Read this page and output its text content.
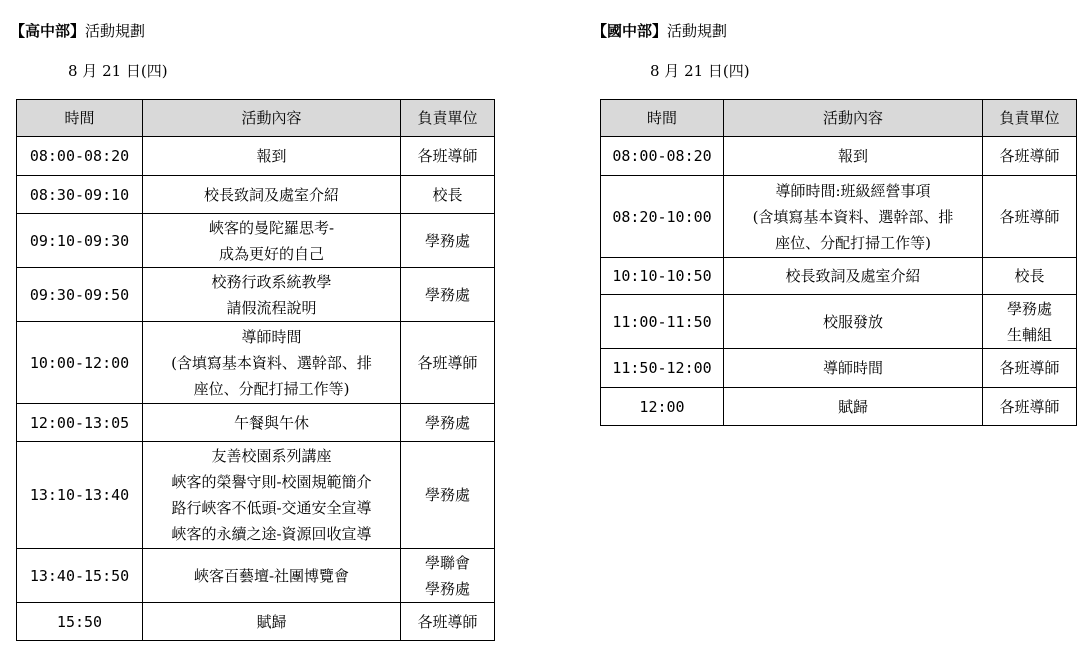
【高中部】活動規劃
8 月 21 日(四)
時間	活動內容	負責單位
08:00-08:20	報到	各班導師

08:30-09:10	校長致詞及處室介紹	校長

09:10-09:30	峽客的曼陀羅思考-
成為更好的自己	學務處

09:30-09:50	校務行政系統教學
請假流程說明	學務處

10:00-12:00	導師時間
(含填寫基本資料、選幹部、排
座位、分配打掃工作等)	各班導師

12:00-13:05	午餐與午休	學務處

13:10-13:40	友善校園系列講座
峽客的榮譽守則-校園規範簡介
路行峽客不低頭-交通安全宣導
峽客的永續之途-資源回收宣導	學務處

13:40-15:50	峽客百藝壇-社團博覽會	學聯會
學務處

15:50	賦歸	各班導師
【國中部】活動規劃
8 月 21 日(四)
時間	活動內容	負責單位
08:00-08:20	報到	各班導師

08:20-10:00	導師時間:班級經營事項
(含填寫基本資料、選幹部、排
座位、分配打掃工作等)	各班導師

10:10-10:50	校長致詞及處室介紹	校長

11:00-11:50	校服發放	學務處
生輔組

11:50-12:00	導師時間	各班導師

12:00	賦歸	各班導師
